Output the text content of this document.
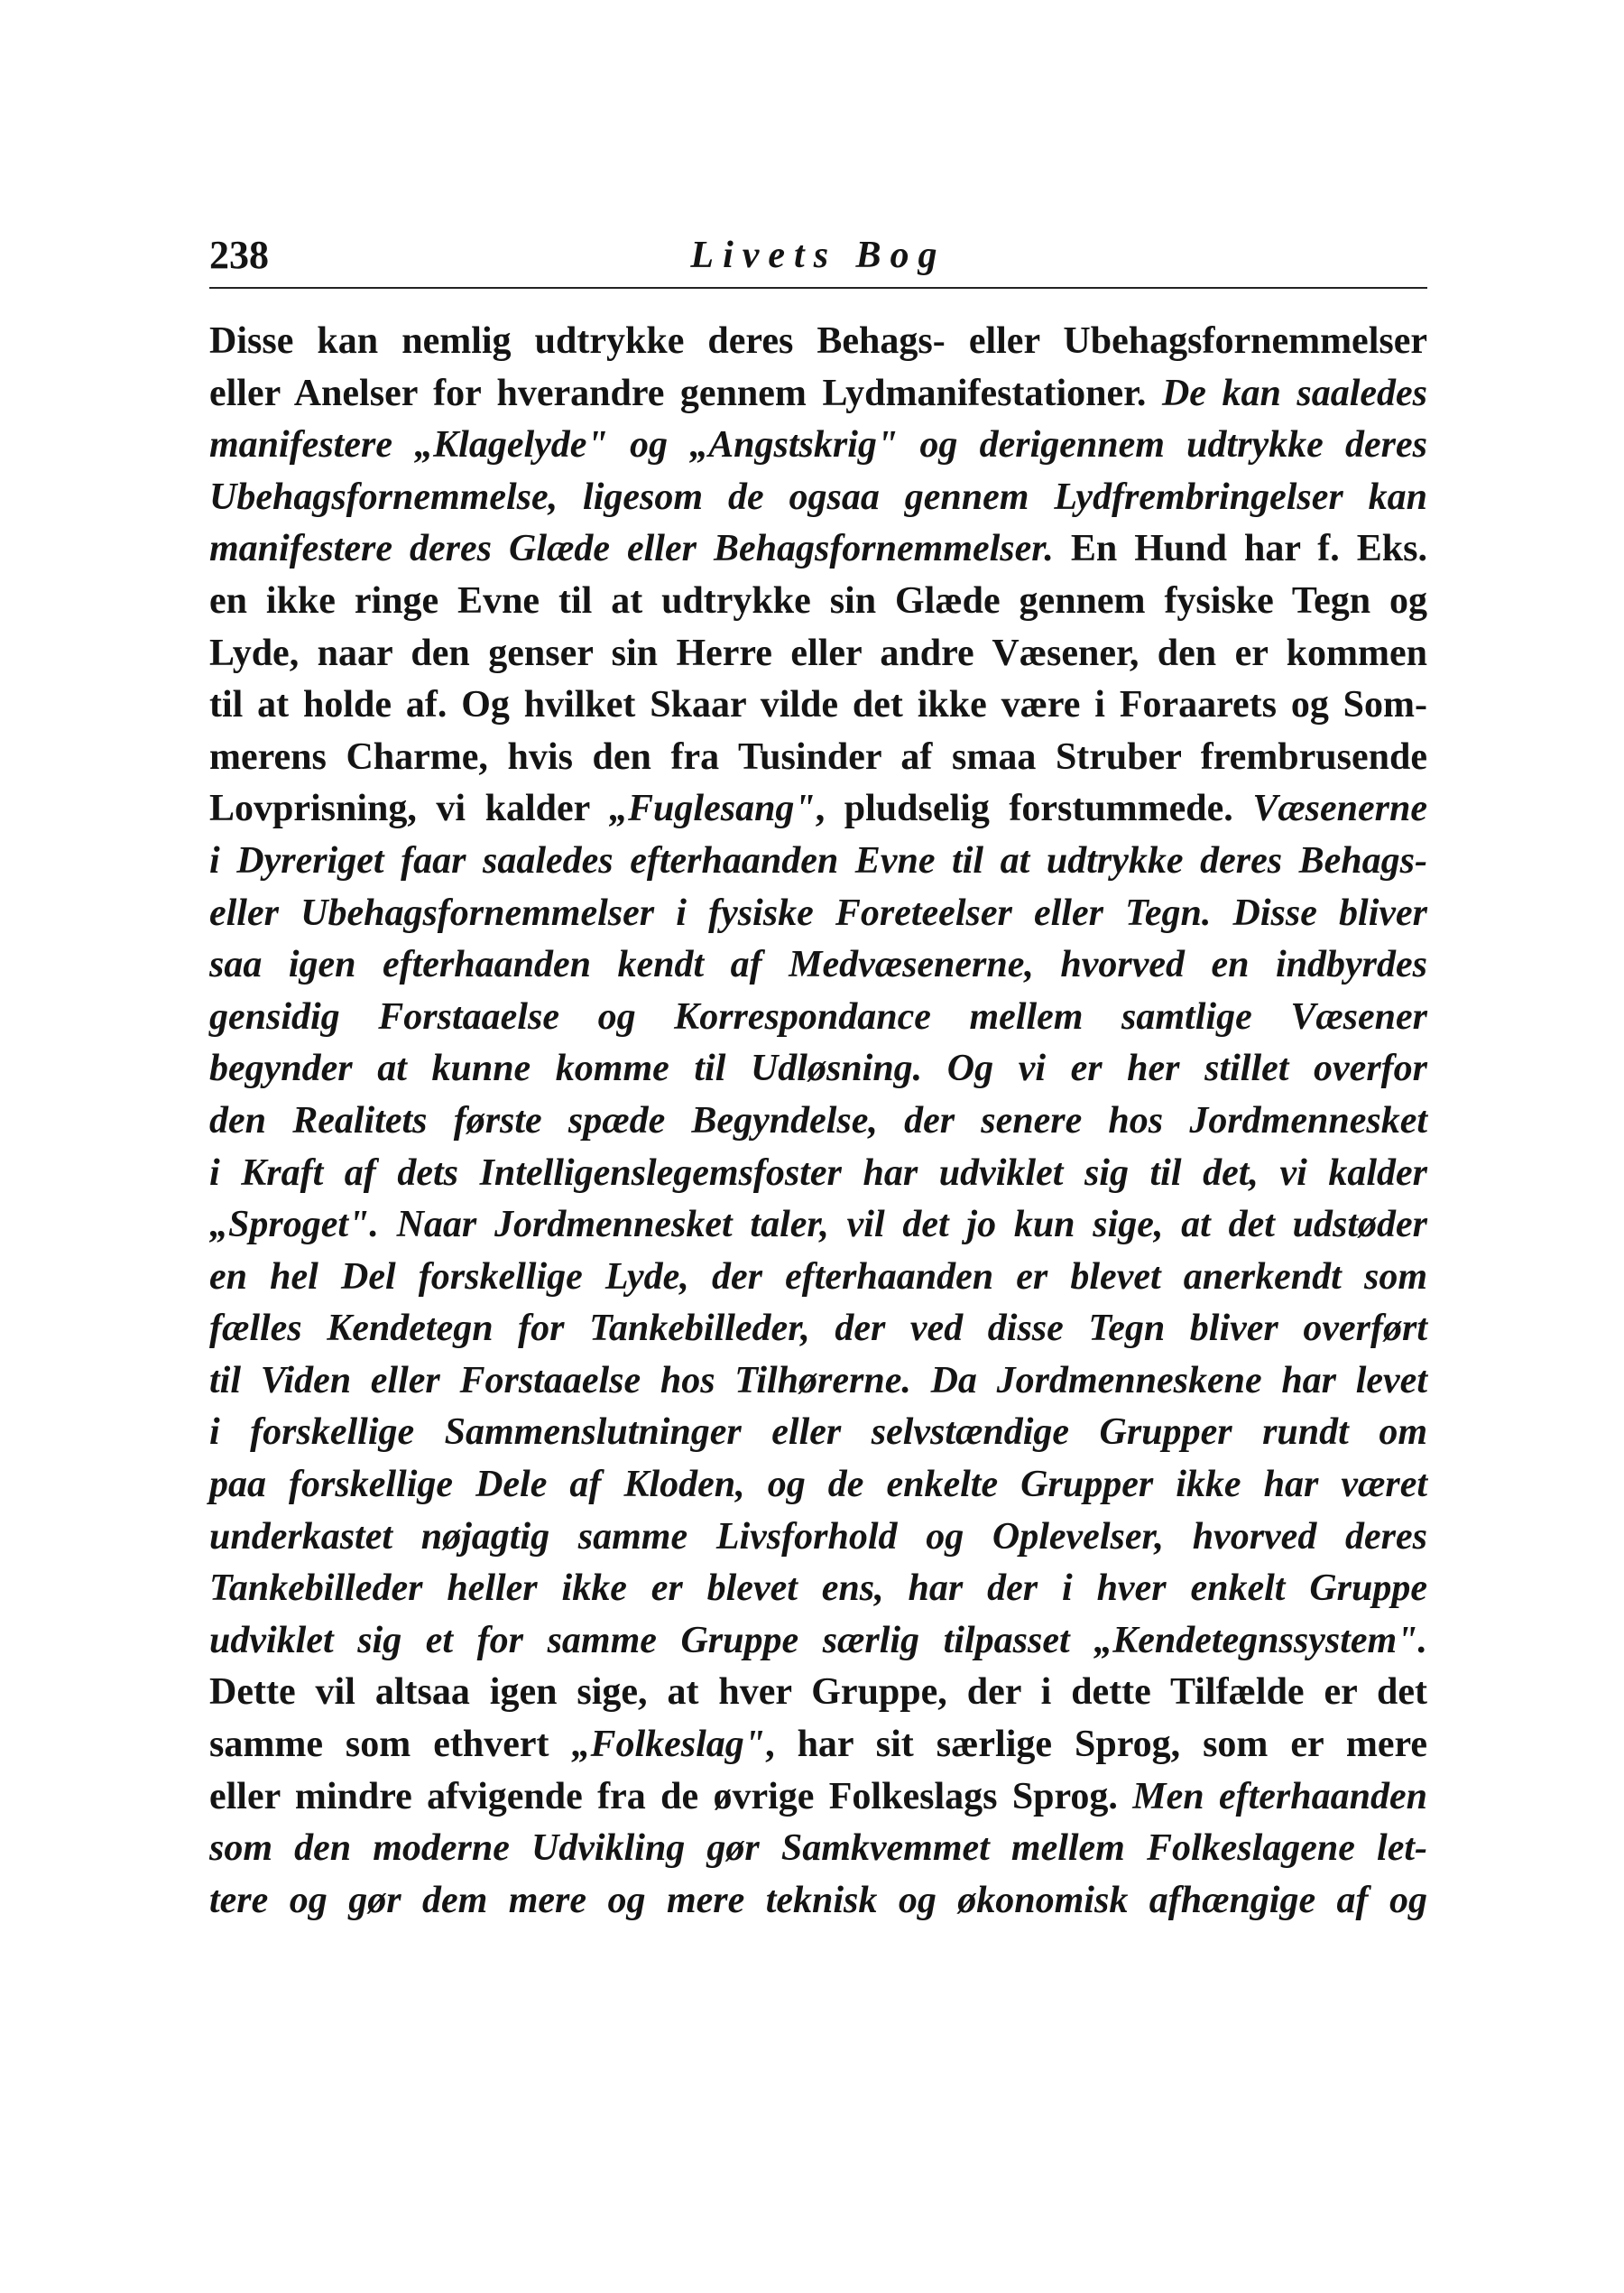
238	Livets Bog
Disse kan nemlig udtrykke deres Behags- eller Ubehagsfornemmelser
eller Anelser for hverandre gennem Lydmanifestationer. De kan saaledes
manifestere „Klagelyde" og „Angstskrig" og derigennem udtrykke deres
Ubehagsfornemmelse, ligesom de ogsaa gennem Lydfrembringelser kan
manifestere deres Glæde eller Behagsfornemmelser. En Hund har f. Eks.
en ikke ringe Evne til at udtrykke sin Glæde gennem fysiske Tegn og
Lyde, naar den genser sin Herre eller andre Væsener, den er kommen
til at holde af. Og hvilket Skaar vilde det ikke være i Foraarets og Som-
merens Charme, hvis den fra Tusinder af smaa Struber frembrusende
Lovprisning, vi kalder „Fuglesang", pludselig forstummede. Væsenerne
i Dyreriget faar saaledes efterhaanden Evne til at udtrykke deres Behags-
eller Ubehagsfornemmelser i fysiske Foreteelser eller Tegn. Disse bliver
saa igen efterhaanden kendt af Medvæsenerne, hvorved en indbyrdes
gensidig Forstaaelse og Korrespondance mellem samtlige Væsener
begynder at kunne komme til Udløsning. Og vi er her stillet overfor
den Realitets første spæde Begyndelse, der senere hos Jordmennesket
i Kraft af dets Intelligenslegemsfoster har udviklet sig til det, vi kalder
„Sproget". Naar Jordmennesket taler, vil det jo kun sige, at det udstøder
en hel Del forskellige Lyde, der efterhaanden er blevet anerkendt som
fælles Kendetegn for Tankebilleder, der ved disse Tegn bliver overført
til Viden eller Forstaaelse hos Tilhørerne. Da Jordmenneskene har levet
i forskellige Sammenslutninger eller selvstændige Grupper rundt om
paa forskellige Dele af Kloden, og de enkelte Grupper ikke har været
underkastet nøjagtig samme Livsforhold og Oplevelser, hvorved deres
Tankebilleder heller ikke er blevet ens, har der i hver enkelt Gruppe
udviklet sig et for samme Gruppe særlig tilpasset „Kendetegnssystem".
Dette vil altsaa igen sige, at hver Gruppe, der i dette Tilfælde er det
samme som ethvert „Folkeslag", har sit særlige Sprog, som er mere
eller mindre afvigende fra de øvrige Folkeslags Sprog. Men efterhaanden
som den moderne Udvikling gør Samkvemmet mellem Folkeslagene let-
tere og gør dem mere og mere teknisk og økonomisk afhængige af og
